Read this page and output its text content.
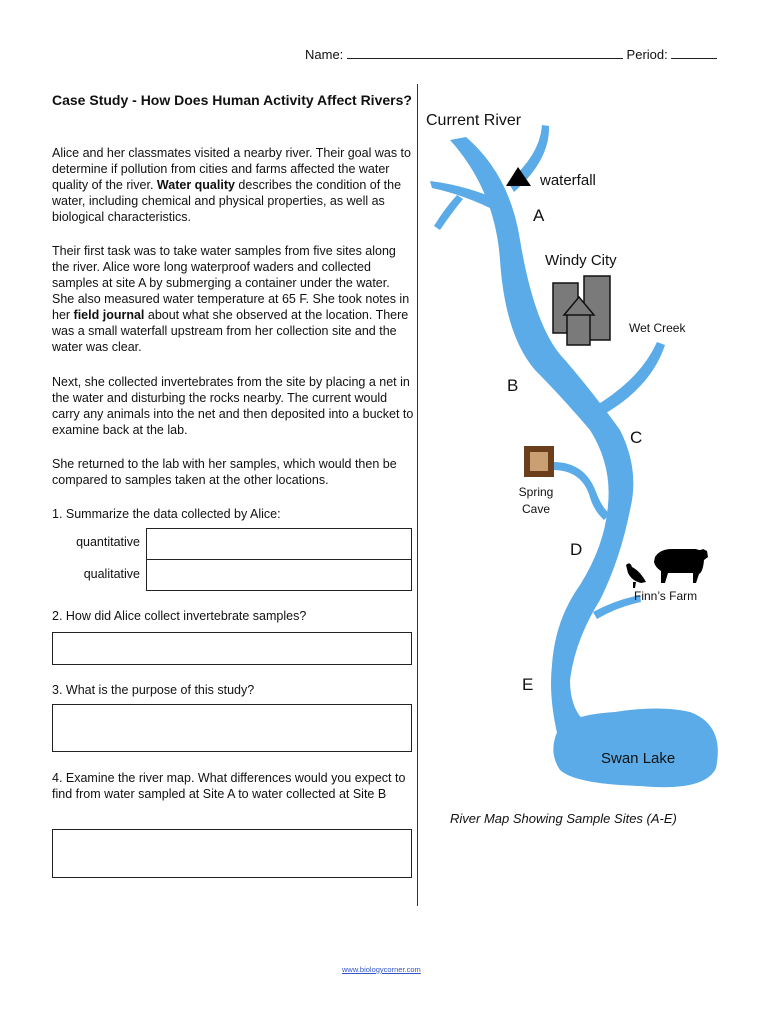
Name:	Period:
Case Study - How Does Human Activity Affect Rivers?
Alice and her classmates visited a nearby river. Their goal was to determine if pollution from cities and farms affected the water quality of the river. Water quality describes the condition of the water, including chemical and physical properties, as well as biological characteristics.
Their first task was to take water samples from five sites along the river. Alice wore long waterproof waders and collected samples at site A by submerging a container under the water. She also measured water temperature at 65 F. She took notes in her field journal about what she observed at the location. There was a small waterfall upstream from her collection site and the water was clear.
Next, she collected invertebrates from the site by placing a net in the water and disturbing the rocks nearby. The current would carry any animals into the net and then deposited into a bucket to examine back at the lab.
She returned to the lab with her samples, which would then be compared to samples taken at the other locations.
1. Summarize the data collected by Alice:
quantitative
qualitative
2. How did Alice collect invertebrate samples?
3. What is the purpose of this study?
4. Examine the river map. What differences would you expect to find from water sampled at Site A to water collected at Site B
Current River
waterfall
Windy City
Wet Creek
Spring
Cave
Finn’s Farm
Swan Lake
A
B
C
D
E
River Map Showing Sample Sites (A-E)
www.biologycorner.com
